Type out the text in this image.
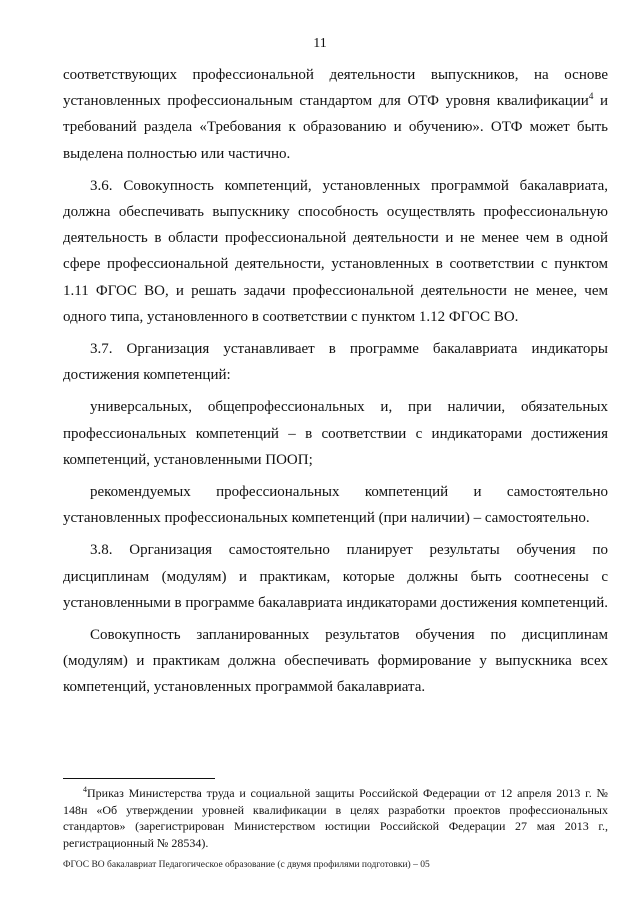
11

соответствующих профессиональной деятельности выпускников, на основе установленных профессиональным стандартом для ОТФ уровня квалификации$^4$ и требований раздела «Требования к образованию и обучению». ОТФ может быть выделена полностью или частично.

3.6. Совокупность компетенций, установленных программой бакалавриата, должна обеспечивать выпускнику способность осуществлять профессиональную деятельность в области профессиональной деятельности и не менее чем в одной сфере профессиональной деятельности, установленных в соответствии с пунктом 1.11 ФГОС ВО, и решать задачи профессиональной деятельности не менее, чем одного типа, установленного в соответствии с пунктом 1.12 ФГОС ВО.

3.7. Организация устанавливает в программе бакалавриата индикаторы достижения компетенций:

универсальных, общепрофессиональных и, при наличии, обязательных профессиональных компетенций – в соответствии с индикаторами достижения компетенций, установленными ПООП;

рекомендуемых профессиональных компетенций и самостоятельно установленных профессиональных компетенций (при наличии) – самостоятельно.

3.8. Организация самостоятельно планирует результаты обучения по дисциплинам (модулям) и практикам, которые должны быть соотнесены с установленными в программе бакалавриата индикаторами достижения компетенций.

Совокупность запланированных результатов обучения по дисциплинам (модулям) и практикам должна обеспечивать формирование у выпускника всех компетенций, установленных программой бакалавриата.

$^4$Приказ Министерства труда и социальной защиты Российской Федерации от 12 апреля 2013 г. № 148н «Об утверждении уровней квалификации в целях разработки проектов профессиональных стандартов» (зарегистрирован Министерством юстиции Российской Федерации 27 мая 2013 г., регистрационный № 28534).
ФГОС ВО бакалавриат Педагогическое образование (с двумя профилями подготовки) – 05
